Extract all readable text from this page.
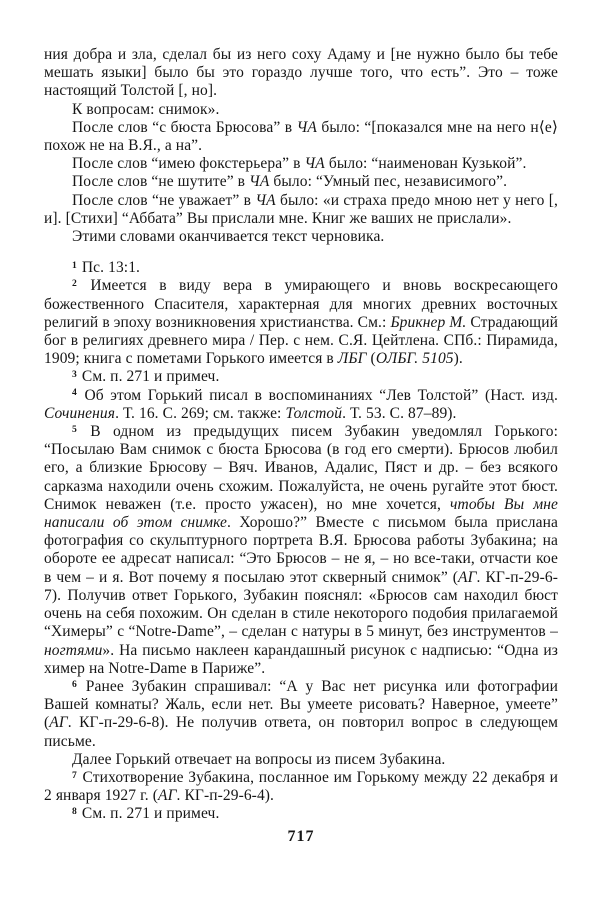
ния добра и зла, сделал бы из него соху Адаму и [не нужно было бы тебе мешать языки] было бы это гораздо лучше того, что есть”. Это – тоже настоящий Толстой [, но].

К вопросам: снимок».

После слов “с бюста Брюсова” в ЧА было: “[показался мне на него н⟨е⟩ похож не на В.Я., а на”.

После слов “имею фокстерьера” в ЧА было: “наименован Кузькой”.

После слов “не шутите” в ЧА было: “Умный пес, независимого”.

После слов “не уважает” в ЧА было: «и страха предо мною нет у него [, и]. [Стихи] “Аббата” Вы прислали мне. Книг же ваших не прислали».

Этими словами оканчивается текст черновика.

$^1$ Пс. 13:1.

$^2$ Имеется в виду вера в умирающего и вновь воскресающего божественного Спасителя, характерная для многих древних восточных религий в эпоху возникновения христианства. См.: Брикнер М. Страдающий бог в религиях древнего мира / Пер. с нем. С.Я. Цейтлена. СПб.: Пирамида, 1909; книга с пометами Горького имеется в ЛБГ (ОЛБГ. 5105).

$^3$ См. п. 271 и примеч.

$^4$ Об этом Горький писал в воспоминаниях “Лев Толстой” (Наст. изд. Сочинения. Т. 16. С. 269; см. также: Толстой. Т. 53. С. 87–89).

$^5$ В одном из предыдущих писем Зубакин уведомлял Горького: “Посылаю Вам снимок с бюста Брюсова (в год его смерти). Брюсов любил его, а близкие Брюсову – Вяч. Иванов, Адалис, Пяст и др. – без всякого сарказма находили очень схожим. Пожалуйста, не очень ругайте этот бюст. Снимок неважен (т.е. просто ужасен), но мне хочется, чтобы Вы мне написали об этом снимке. Хорошо?” Вместе с письмом была прислана фотография со скульптурного портрета В.Я. Брюсова работы Зубакина; на обороте ее адресат написал: “Это Брюсов – не я, – но все-таки, отчасти кое в чем – и я. Вот почему я посылаю этот скверный снимок” (АГ. КГ-п-29-6-7). Получив ответ Горького, Зубакин пояснял: «Брюсов сам находил бюст очень на себя похожим. Он сделан в стиле некоторого подобия прилагаемой “Химеры” с “Notre-Dame”, – сделан с натуры в 5 минут, без инструментов – ногтями». На письмо наклеен карандашный рисунок с надписью: “Одна из химер на Notre-Dame в Париже”.

$^6$ Ранее Зубакин спрашивал: “А у Вас нет рисунка или фотографии Вашей комнаты? Жаль, если нет. Вы умеете рисовать? Наверное, умеете” (АГ. КГ-п-29-6-8). Не получив ответа, он повторил вопрос в следующем письме.

Далее Горький отвечает на вопросы из писем Зубакина.

$^7$ Стихотворение Зубакина, посланное им Горькому между 22 декабря и 2 января 1927 г. (АГ. КГ-п-29-6-4).

$^8$ См. п. 271 и примеч.

717
